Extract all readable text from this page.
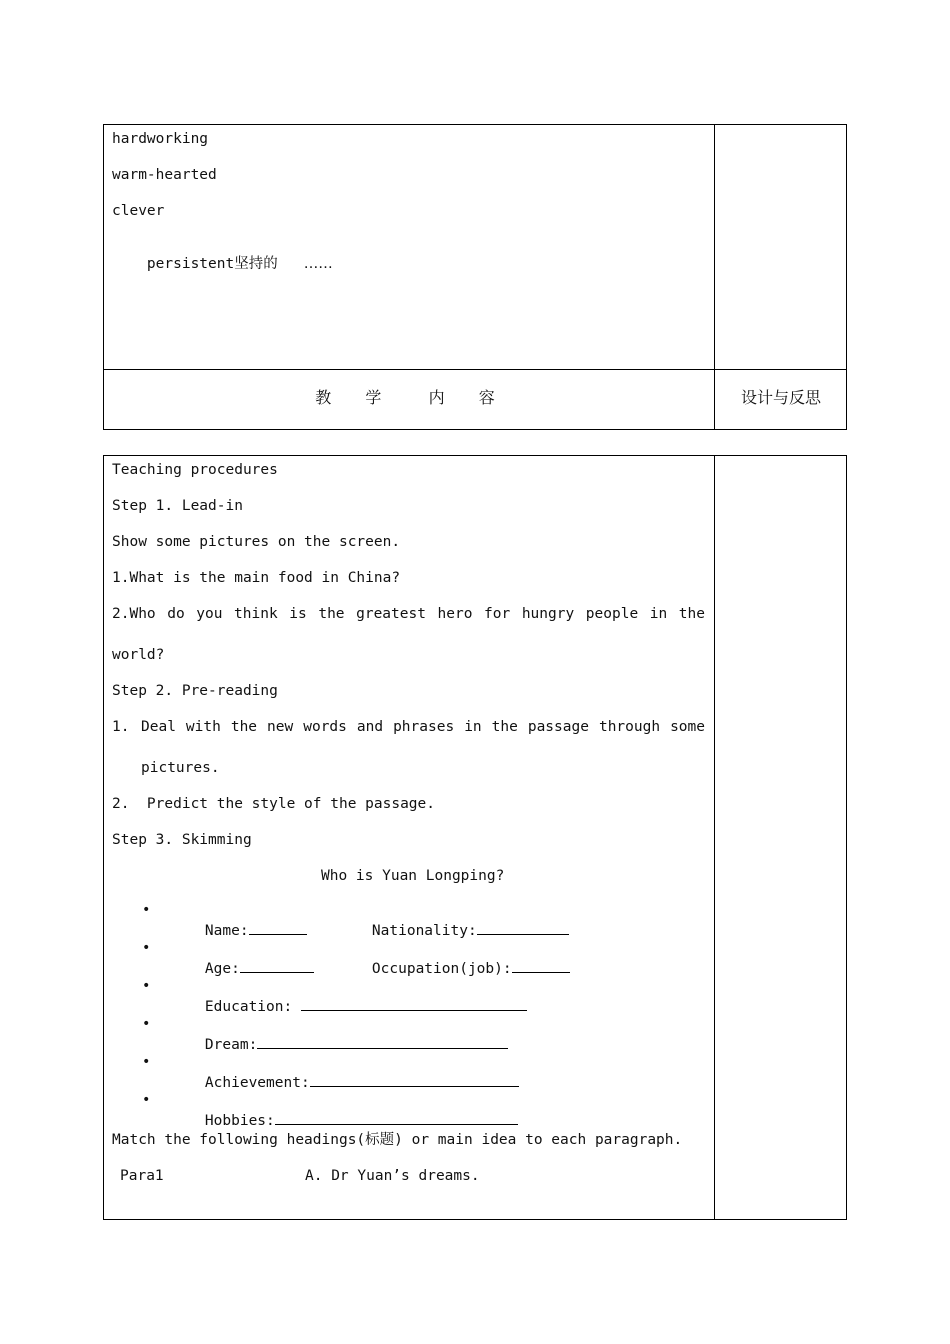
hardworking
warm-hearted
clever

persistent坚持的 ……

教  学   内  容	设计与反思
Teaching procedures
Step 1. Lead-in
Show some pictures on the screen.
1.What is the main food in China?
2.Who do you think is the greatest hero for hungry people in the
world?
Step 2. Pre-reading
1. Deal with the new words and phrases in the passage through some
pictures.
2.  Predict the style of the passage.
Step 3. Skimming
Who is Yuan Longping?
•

Name:
	Nationality:

•

Age:
	Occupation(job):

•

Education:

•

Dream:

•

Achievement:

•

Hobbies:

Match the following headings(标题) or main idea to each paragraph.
Para1	A. Dr Yuan’s dreams.
